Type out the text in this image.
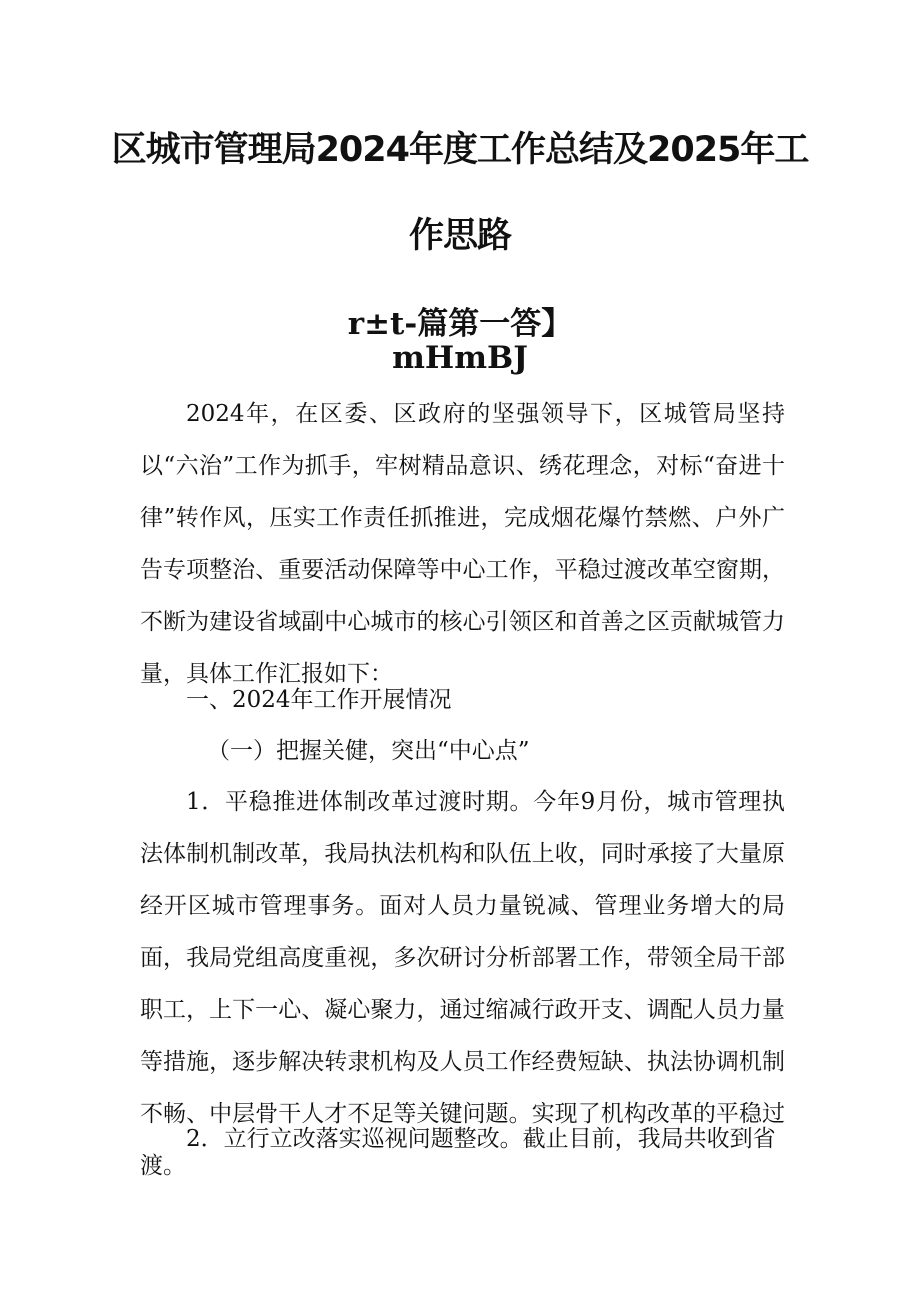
区城市管理局2024年度工作总结及2025年工
作思路
r±t-篇第一答】
mHmBJ

2024年，在区委、区政府的坚强领导下，区城管局坚持以“六治”工作为抓手，牢树精品意识、绣花理念，对标“奋进十律”转作风，压实工作责任抓推进，完成烟花爆竹禁燃、户外广告专项整治、重要活动保障等中心工作，平稳过渡改革空窗期，不断为建设省域副中心城市的核心引领区和首善之区贡献城管力量，具体工作汇报如下：

一、2024年工作开展情况

（一）把握关健，突出“中心点”

1．平稳推进体制改革过渡时期。今年9月份，城市管理执法体制机制改革，我局执法机构和队伍上收，同时承接了大量原经开区城市管理事务。面对人员力量锐减、管理业务增大的局面，我局党组高度重视，多次研讨分析部署工作，带领全局干部职工，上下一心、凝心聚力，通过缩减行政开支、调配人员力量等措施，逐步解决转隶机构及人员工作经费短缺、执法协调机制不畅、中层骨干人才不足等关键问题。实现了机构改革的平稳过渡。

2．立行立改落实巡视问题整改。截止目前，我局共收到省
